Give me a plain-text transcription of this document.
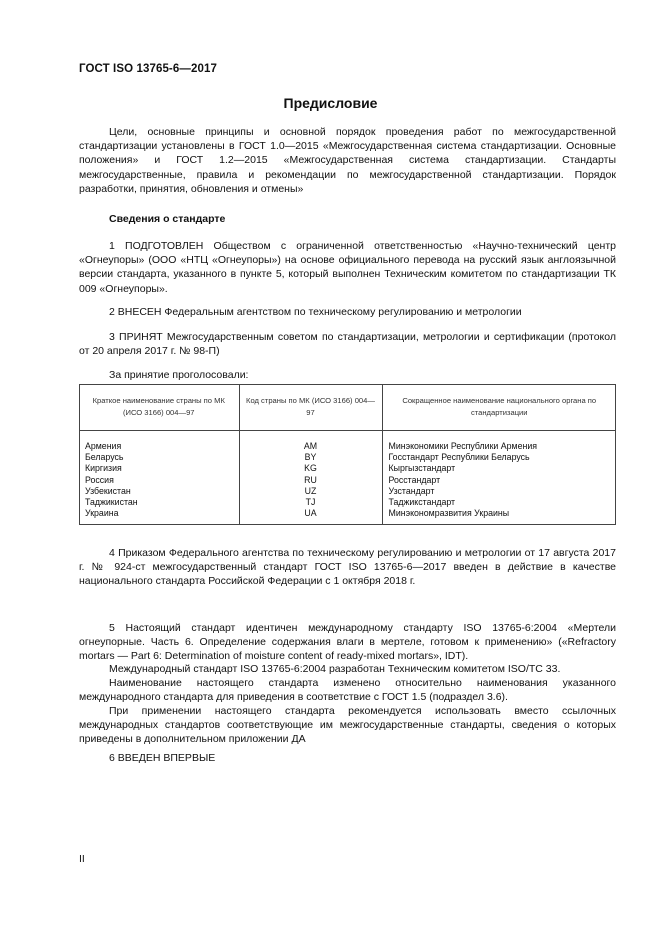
ГОСТ ISO 13765-6—2017
Предисловие
Цели, основные принципы и основной порядок проведения работ по межгосударственной стандартизации установлены в ГОСТ 1.0—2015 «Межгосударственная система стандартизации. Основные положения» и ГОСТ 1.2—2015 «Межгосударственная система стандартизации. Стандарты межгосударственные, правила и рекомендации по межгосударственной стандартизации. Порядок разработки, принятия, обновления и отмены»
Сведения о стандарте
1 ПОДГОТОВЛЕН Обществом с ограниченной ответственностью «Научно-технический центр «Огнеупоры» (ООО «НТЦ «Огнеупоры») на основе официального перевода на русский язык англоязычной версии стандарта, указанного в пункте 5, который выполнен Техническим комитетом по стандартизации ТК 009 «Огнеупоры».
2 ВНЕСЕН Федеральным агентством по техническому регулированию и метрологии
3 ПРИНЯТ Межгосударственным советом по стандартизации, метрологии и сертификации (протокол от 20 апреля 2017 г. № 98-П)
За принятие проголосовали:
Краткое наименование страны по МК (ИСО 3166) 004—97	Код страны по МК (ИСО 3166) 004—97	Сокращенное наименование национального органа по стандартизации
Армения	AM	Минэкономики Республики Армения
Беларусь	BY	Госстандарт Республики Беларусь
Киргизия	KG	Кыргызстандарт
Россия	RU	Росстандарт
Узбекистан	UZ	Узстандарт
Таджикистан	TJ	Таджикстандарт
Украина	UA	Минэкономразвития Украины
4 Приказом Федерального агентства по техническому регулированию и метрологии от 17 августа 2017 г. № 924-ст межгосударственный стандарт ГОСТ ISO 13765-6—2017 введен в действие в качестве национального стандарта Российской Федерации с 1 октября 2018 г.
5 Настоящий стандарт идентичен международному стандарту ISO 13765-6:2004 «Мертели огнеупорные. Часть 6. Определение содержания влаги в мертеле, готовом к применению» («Refractory mortars — Part 6: Determination of moisture content of ready-mixed mortars», IDT).
Международный стандарт ISO 13765-6:2004 разработан Техническим комитетом ISO/TC 33.
Наименование настоящего стандарта изменено относительно наименования указанного международного стандарта для приведения в соответствие с ГОСТ 1.5 (подраздел 3.6).
При применении настоящего стандарта рекомендуется использовать вместо ссылочных международных стандартов соответствующие им межгосударственные стандарты, сведения о которых приведены в дополнительном приложении ДА
6 ВВЕДЕН ВПЕРВЫЕ
II
